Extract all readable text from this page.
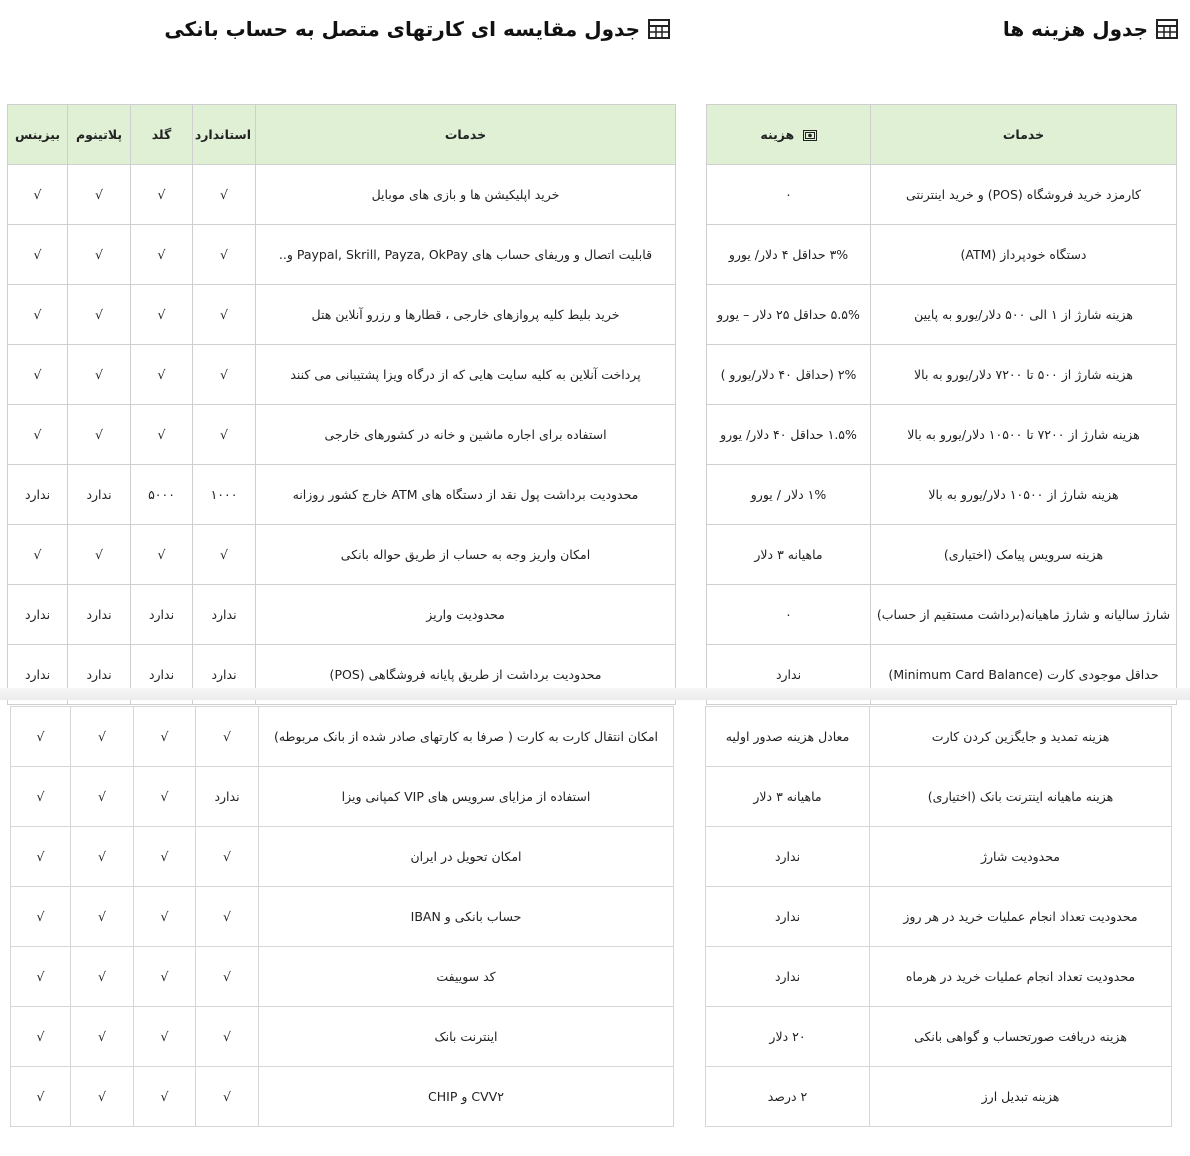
جدول هزینه ها
جدول مقایسه ای کارتهای متصل به حساب بانکی
خدمات	هزینه
کارمزد خرید فروشگاه (POS) و خرید اینترنتی	۰
دستگاه خودپرداز (ATM)	۳% حداقل ۴ دلار/ یورو
هزینه شارژ از ۱ الی ۵۰۰ دلار/یورو به پایین	۵.۵% حداقل ۲۵ دلار – یورو
هزینه شارژ از ۵۰۰ تا ۷۲۰۰ دلار/یورو به بالا	۲% (حداقل ۴۰ دلار/یورو )
هزینه شارژ از ۷۲۰۰ تا ۱۰۵۰۰ دلار/یورو به بالا	۱.۵% حداقل ۴۰ دلار/ یورو
هزینه شارژ از ۱۰۵۰۰ دلار/یورو به بالا	۱% دلار / یورو
هزینه سرویس پیامک (اختیاری)	ماهیانه ۳ دلار
شارژ سالیانه و شارژ ماهیانه(برداشت مستقیم از حساب)	۰
حداقل موجودی کارت (Minimum Card Balance)	ندارد
خدمات	استاندارد	گلد	پلاتینوم	بیزینس
خرید اپلیکیشن ها و بازی های موبایل	√	√	√	√
قابلیت اتصال و وریفای حساب های Paypal, Skrill, Payza, OkPay و..	√	√	√	√
خرید بلیط کلیه پروازهای خارجی ، قطارها و رزرو آنلاین هتل	√	√	√	√
پرداخت آنلاین به کلیه سایت هایی که از درگاه ویزا پشتیبانی می کنند	√	√	√	√
استفاده برای اجاره ماشین و خانه در کشورهای خارجی	√	√	√	√
محدودیت برداشت پول نقد از دستگاه های ATM خارج کشور روزانه	۱۰۰۰	۵۰۰۰	ندارد	ندارد
امکان واریز وجه به حساب از طریق حواله بانکی	√	√	√	√
محدودیت واریز	ندارد	ندارد	ندارد	ندارد
محدودیت برداشت از طریق پایانه فروشگاهی (POS)	ندارد	ندارد	ندارد	ندارد
هزینه تمدید و جایگزین کردن کارت	معادل هزینه صدور اولیه
هزینه ماهیانه اینترنت بانک (اختیاری)	ماهیانه ۳ دلار
محدودیت شارژ	ندارد
محدودیت تعداد انجام عملیات خرید در هر روز	ندارد
محدودیت تعداد انجام عملیات خرید در هرماه	ندارد
هزینه دریافت صورتحساب و گواهی بانکی	۲۰ دلار
هزینه تبدیل ارز	۲ درصد
امکان انتقال کارت به کارت ( صرفا به کارتهای صادر شده از بانک مربوطه)	√	√	√	√
استفاده از مزایای سرویس های VIP کمپانی ویزا	ندارد	√	√	√
امکان تحویل در ایران	√	√	√	√
حساب بانکی و IBAN	√	√	√	√
کد سوییفت	√	√	√	√
اینترنت بانک	√	√	√	√
CVV۲ و CHIP	√	√	√	√
